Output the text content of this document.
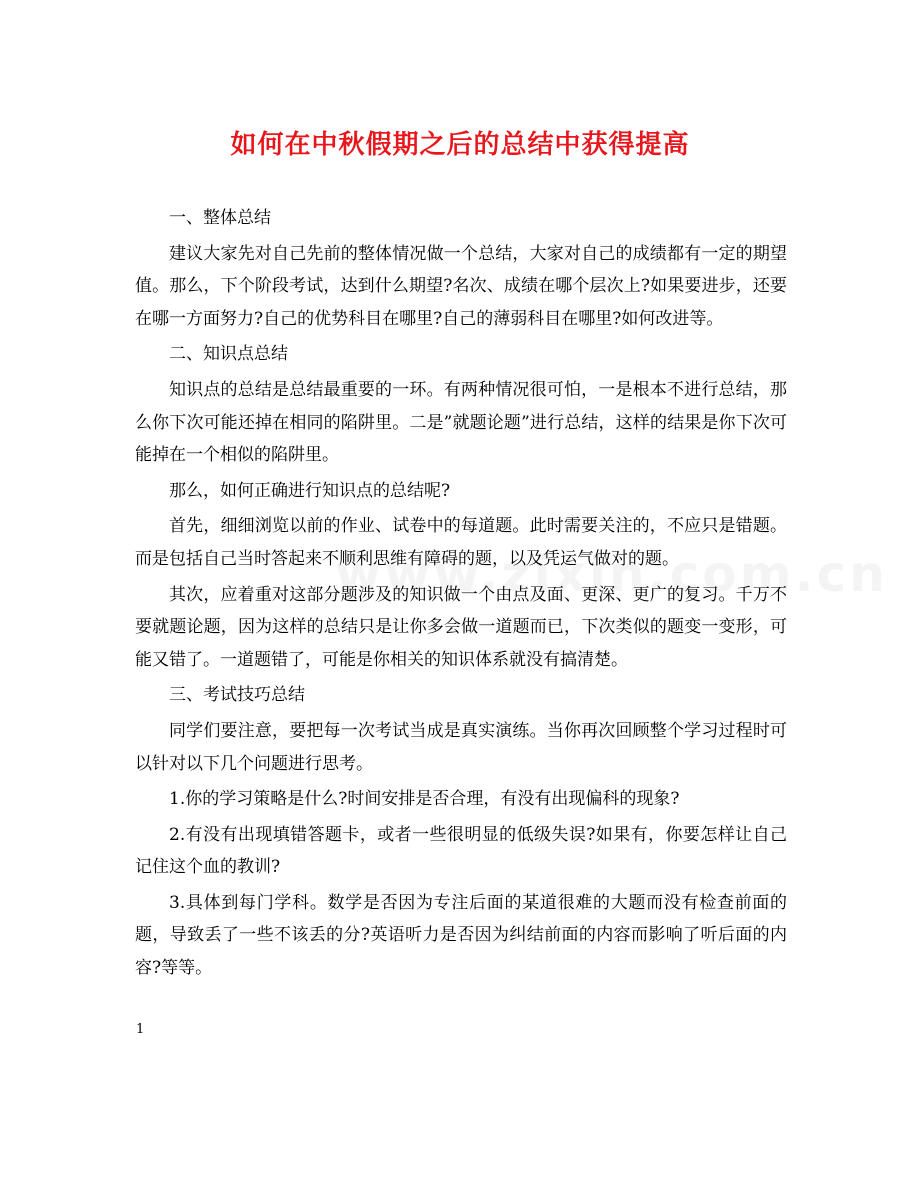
如何在中秋假期之后的总结中获得提高

一、整体总结

建议大家先对自己先前的整体情况做一个总结，大家对自己的成绩都有一定的期望值。那么，下个阶段考试，达到什么期望?名次、成绩在哪个层次上?如果要进步，还要在哪一方面努力?自己的优势科目在哪里?自己的薄弱科目在哪里?如何改进等。

二、知识点总结

知识点的总结是总结最重要的一环。有两种情况很可怕，一是根本不进行总结，那么你下次可能还掉在相同的陷阱里。二是”就题论题”进行总结，这样的结果是你下次可能掉在一个相似的陷阱里。

那么，如何正确进行知识点的总结呢?

首先，细细浏览以前的作业、试卷中的每道题。此时需要关注的，不应只是错题。而是包括自己当时答起来不顺利思维有障碍的题，以及凭运气做对的题。

其次，应着重对这部分题涉及的知识做一个由点及面、更深、更广的复习。千万不要就题论题，因为这样的总结只是让你多会做一道题而已，下次类似的题变一变形，可能又错了。一道题错了，可能是你相关的知识体系就没有搞清楚。

三、考试技巧总结

同学们要注意，要把每一次考试当成是真实演练。当你再次回顾整个学习过程时可以针对以下几个问题进行思考。

1.你的学习策略是什么?时间安排是否合理，有没有出现偏科的现象?

2.有没有出现填错答题卡，或者一些很明显的低级失误?如果有，你要怎样让自己记住这个血的教训?

3.具体到每门学科。数学是否因为专注后面的某道很难的大题而没有检查前面的题，导致丢了一些不该丢的分?英语听力是否因为纠结前面的内容而影响了听后面的内容?等等。

1
